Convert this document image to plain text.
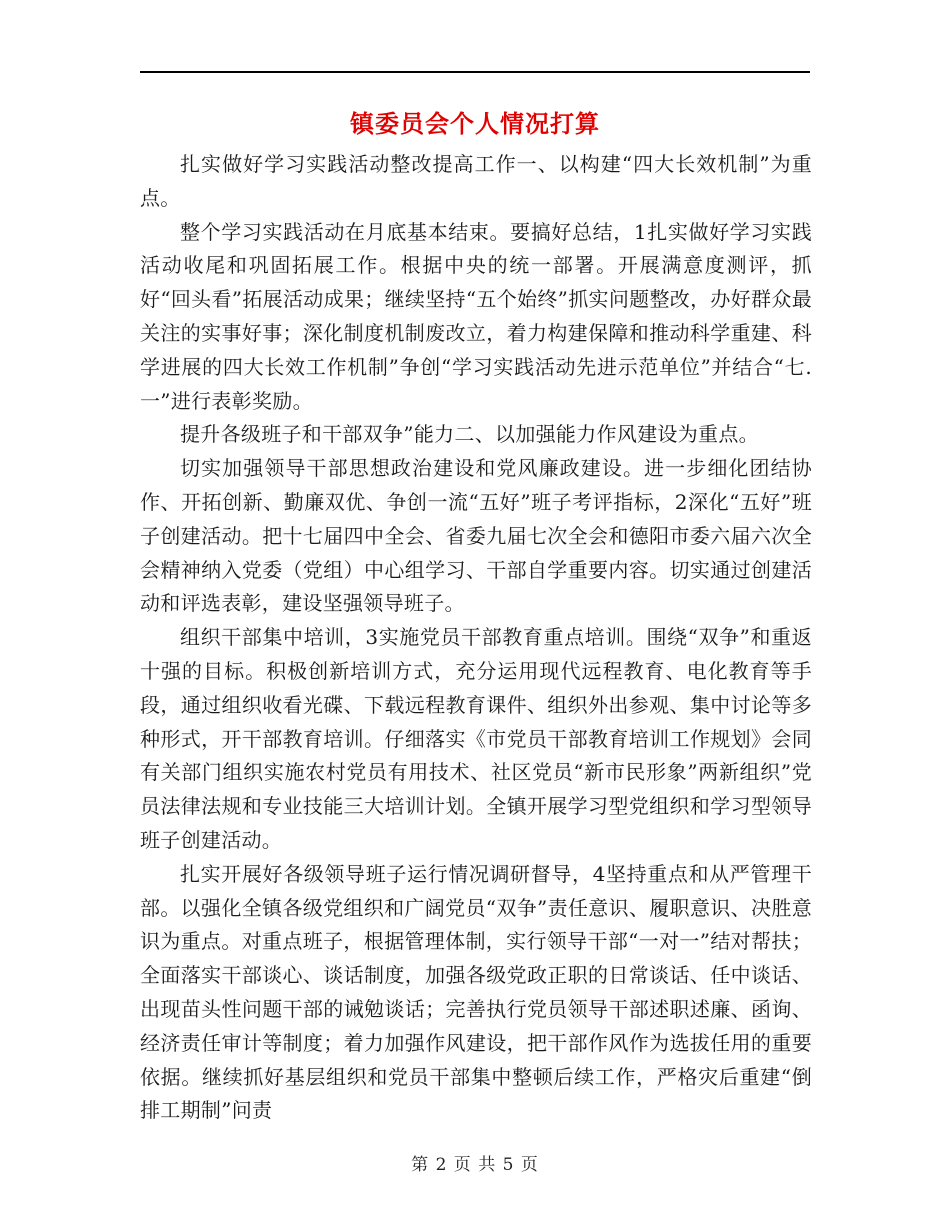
镇委员会个人情况打算

扎实做好学习实践活动整改提高工作一、以构建“四大长效机制”为重点。

整个学习实践活动在月底基本结束。要搞好总结，1扎实做好学习实践活动收尾和巩固拓展工作。根据中央的统一部署。开展满意度测评，抓好“回头看”拓展活动成果；继续坚持“五个始终”抓实问题整改，办好群众最关注的实事好事；深化制度机制废改立，着力构建保障和推动科学重建、科学进展的四大长效工作机制”争创“学习实践活动先进示范单位”并结合“七.一”进行表彰奖励。

提升各级班子和干部双争”能力二、以加强能力作风建设为重点。

切实加强领导干部思想政治建设和党风廉政建设。进一步细化团结协作、开拓创新、勤廉双优、争创一流“五好”班子考评指标，2深化“五好”班子创建活动。把十七届四中全会、省委九届七次全会和德阳市委六届六次全会精神纳入党委（党组）中心组学习、干部自学重要内容。切实通过创建活动和评选表彰，建设坚强领导班子。

组织干部集中培训，3实施党员干部教育重点培训。围绕“双争”和重返十强的目标。积极创新培训方式，充分运用现代远程教育、电化教育等手段，通过组织收看光碟、下载远程教育课件、组织外出参观、集中讨论等多种形式，开干部教育培训。仔细落实《市党员干部教育培训工作规划》会同有关部门组织实施农村党员有用技术、社区党员“新市民形象”两新组织”党员法律法规和专业技能三大培训计划。全镇开展学习型党组织和学习型领导班子创建活动。

扎实开展好各级领导班子运行情况调研督导，4坚持重点和从严管理干部。以强化全镇各级党组织和广阔党员“双争”责任意识、履职意识、决胜意识为重点。对重点班子，根据管理体制，实行领导干部“一对一”结对帮扶；全面落实干部谈心、谈话制度，加强各级党政正职的日常谈话、任中谈话、出现苗头性问题干部的诫勉谈话；完善执行党员领导干部述职述廉、函询、经济责任审计等制度；着力加强作风建设，把干部作风作为选拔任用的重要依据。继续抓好基层组织和党员干部集中整顿后续工作，严格灾后重建“倒排工期制”问责

第 2 页 共 5 页
